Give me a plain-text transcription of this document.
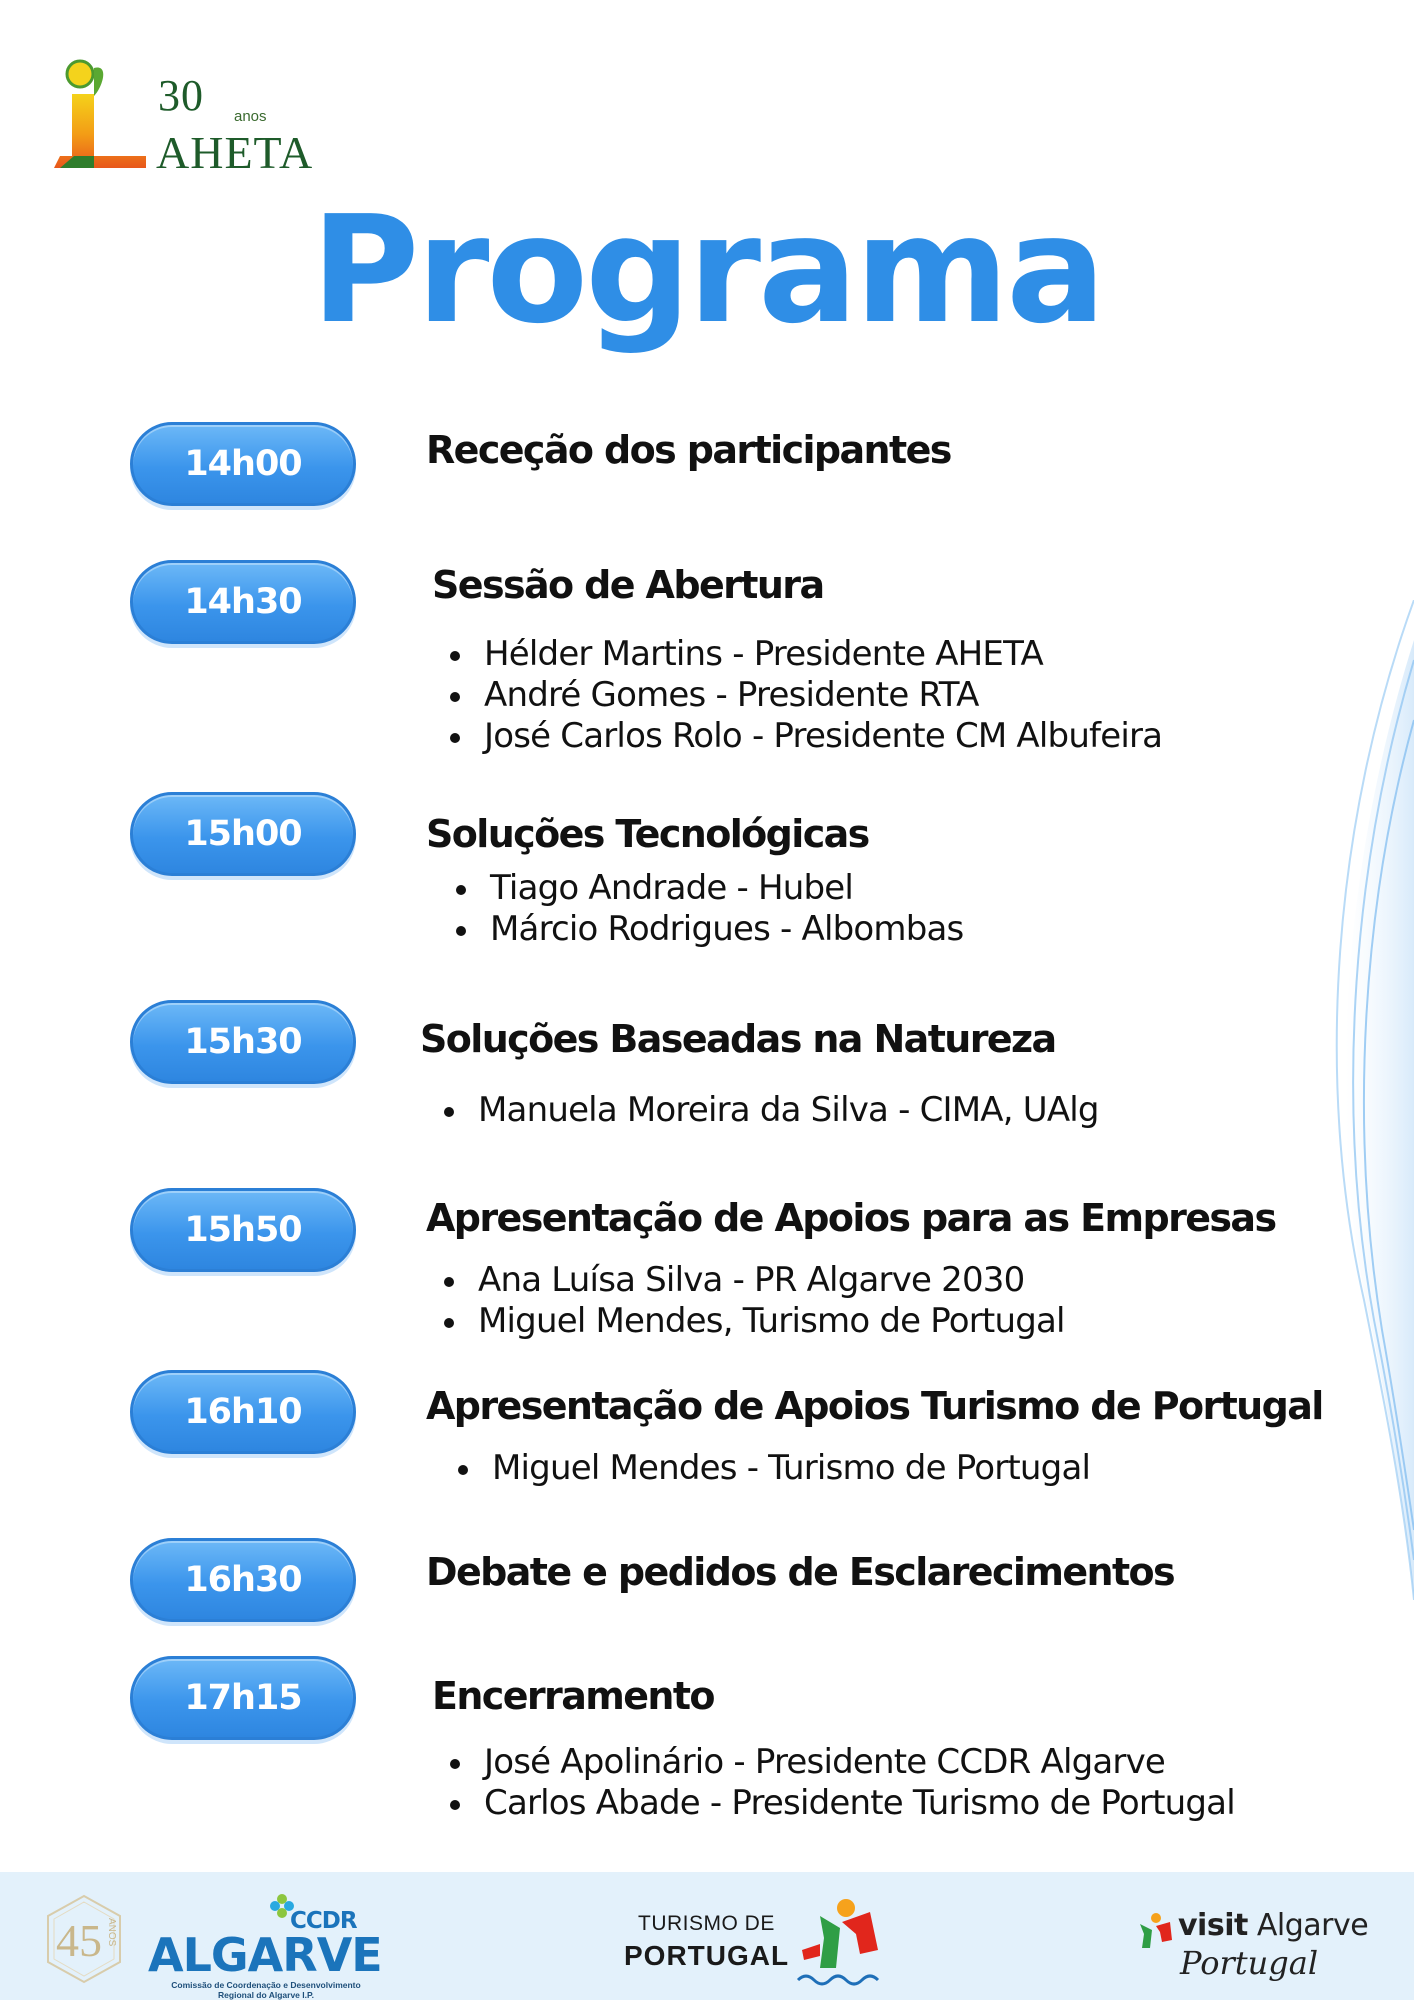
30 anos
AHETA
Programa
14h00	Receção dos participantes
14h30	Sessão de Abertura
Hélder Martins - Presidente AHETA
André Gomes - Presidente RTA
José Carlos Rolo - Presidente CM Albufeira
15h00	Soluções Tecnológicas
Tiago Andrade - Hubel
Márcio Rodrigues - Albombas
15h30	Soluções Baseadas na Natureza
Manuela Moreira da Silva - CIMA, UAlg
15h50	Apresentação de Apoios para as Empresas
Ana Luísa Silva - PR Algarve 2030
Miguel Mendes, Turismo de Portugal
16h10	Apresentação de Apoios Turismo de Portugal
Miguel Mendes - Turismo de Portugal
16h30	Debate e pedidos de Esclarecimentos
17h15	Encerramento
José Apolinário - Presidente CCDR Algarve
Carlos Abade - Presidente Turismo de Portugal
45 ANOS	CCDR
ALGARVE
Comissão de Coordenação e Desenvolvimento Regional do Algarve I.P.
TURISMO DE
PORTUGAL
visit Algarve
Portugal
